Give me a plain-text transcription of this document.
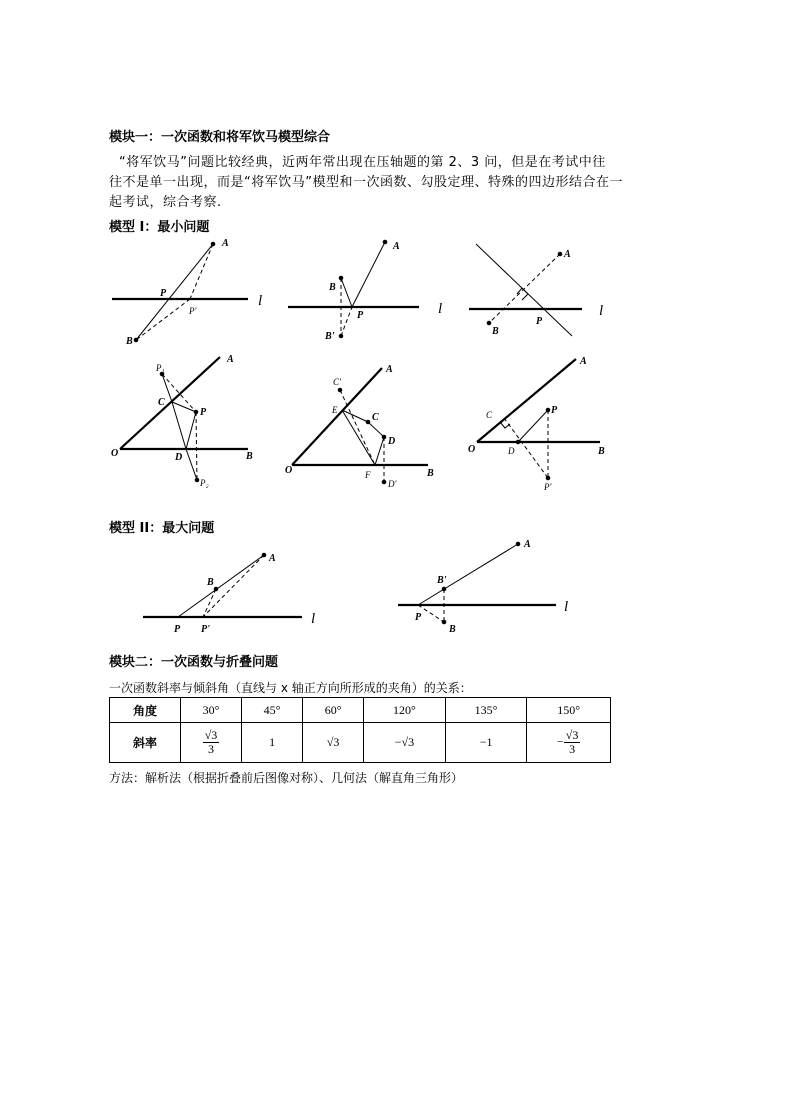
模块一：一次函数和将军饮马模型综合
“将军饮马”问题比较经典，近两年常出现在压轴题的第 2、3 问，但是在考试中往
往不是单一出现，而是“将军饮马”模型和一次函数、勾股定理、特殊的四边形结合在一
起考试，综合考察.
模型 I：最小问题
A
B
P
P'
l
A
B
P
B'
l
A
B
P
l
A
O	B
C
D
P
P₁
P₂
A
O	B
C'
E
C
D
F
D'
A
O	B
C
D
P
P'
A
B
P P'
l
A
B'
P
B
l
模型 II：最大问题
模块二：一次函数与折叠问题
一次函数斜率与倾斜角（直线与 x 轴正方向所形成的夹角）的关系：
角度	30°	45°	60°	120°	135°	150°
斜率	$\frac{√3}{3}$	1	√3	−√3	−1	− $\frac{√3}{3}$
方法：解析法（根据折叠前后图像对称）、几何法（解直角三角形）
